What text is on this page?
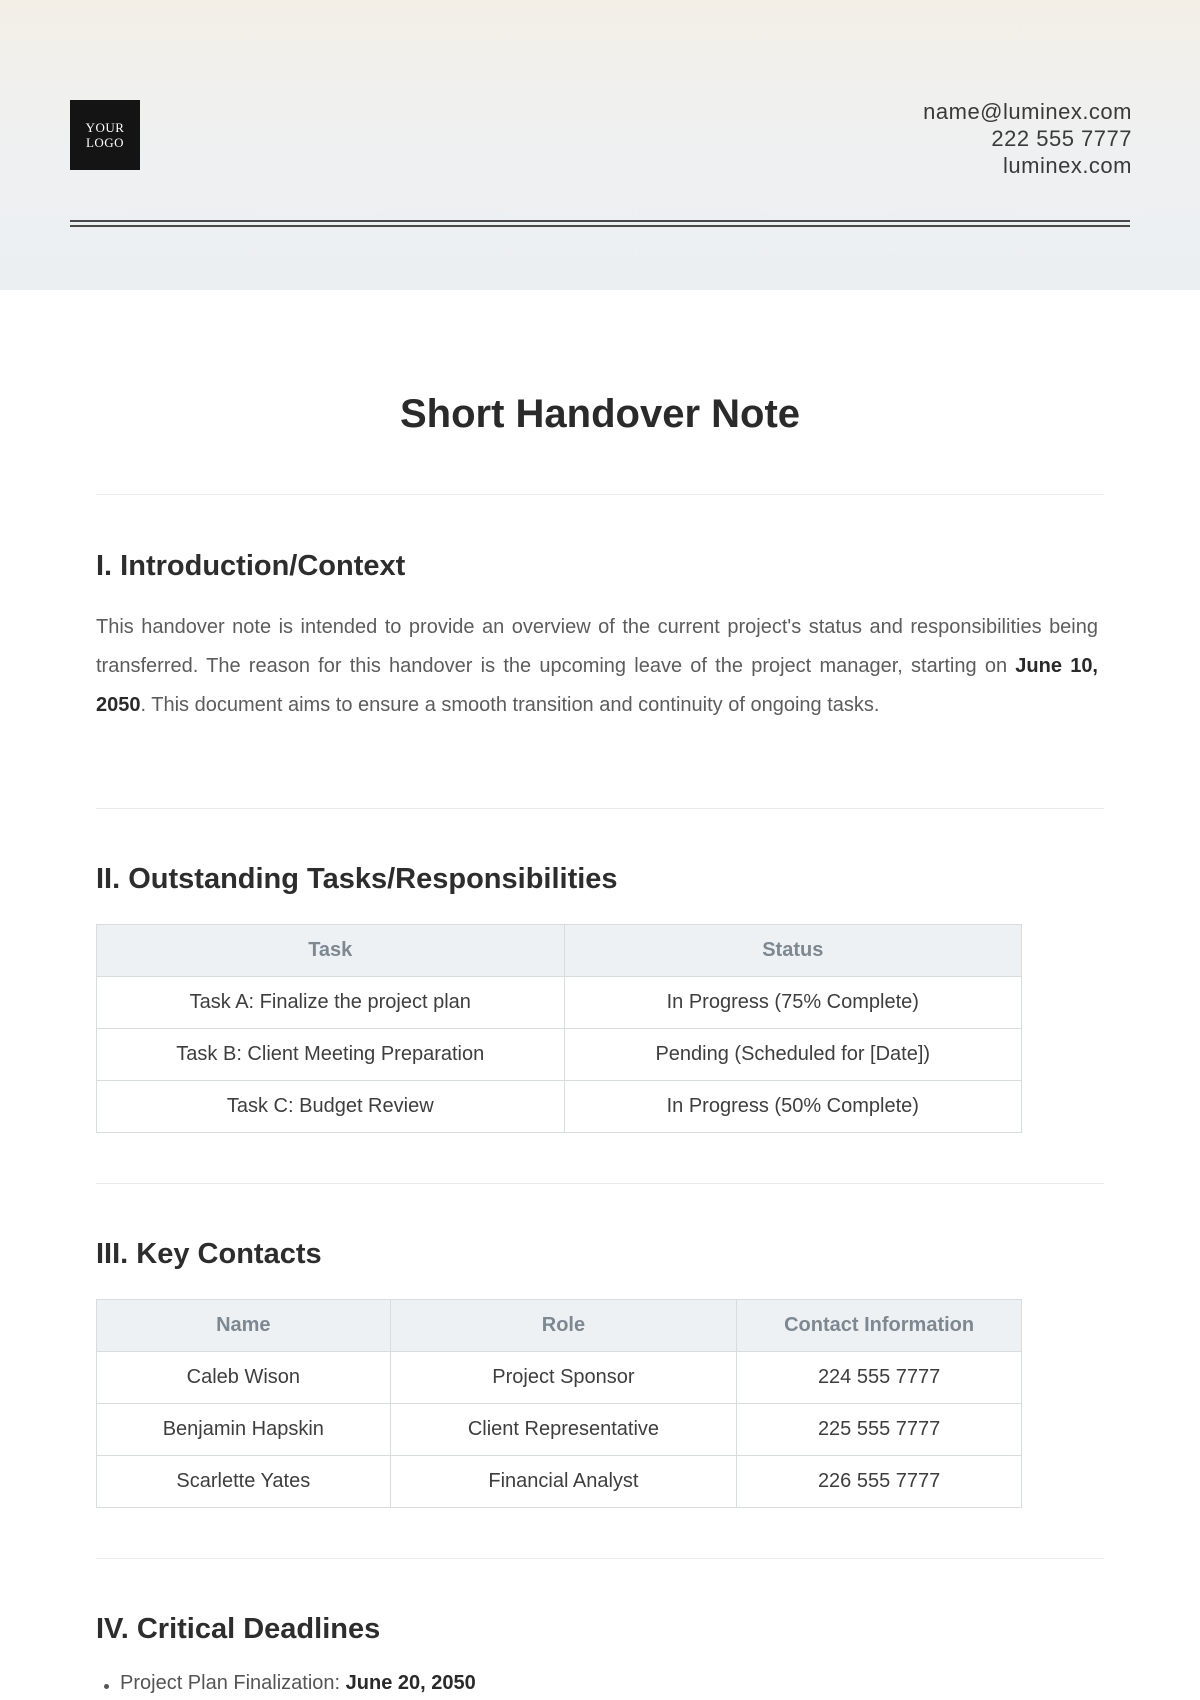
YOUR
LOGO
name@luminex.com
222 555 7777
luminex.com
Short Handover Note
I. Introduction/Context

This handover note is intended to provide an overview of the current project's status and responsibilities being transferred. The reason for this handover is the upcoming leave of the project manager, starting on June 10, 2050. This document aims to ensure a smooth transition and continuity of ongoing tasks.

II. Outstanding Tasks/Responsibilities
Task	Status
Task A: Finalize the project plan	In Progress (75% Complete)
Task B: Client Meeting Preparation	Pending (Scheduled for [Date])
Task C: Budget Review	In Progress (50% Complete)
III. Key Contacts
Name	Role	Contact Information
Caleb Wison	Project Sponsor	224 555 7777
Benjamin Hapskin	Client Representative	225 555 7777
Scarlette Yates	Financial Analyst	226 555 7777
IV. Critical Deadlines
Project Plan Finalization: June 20, 2050
